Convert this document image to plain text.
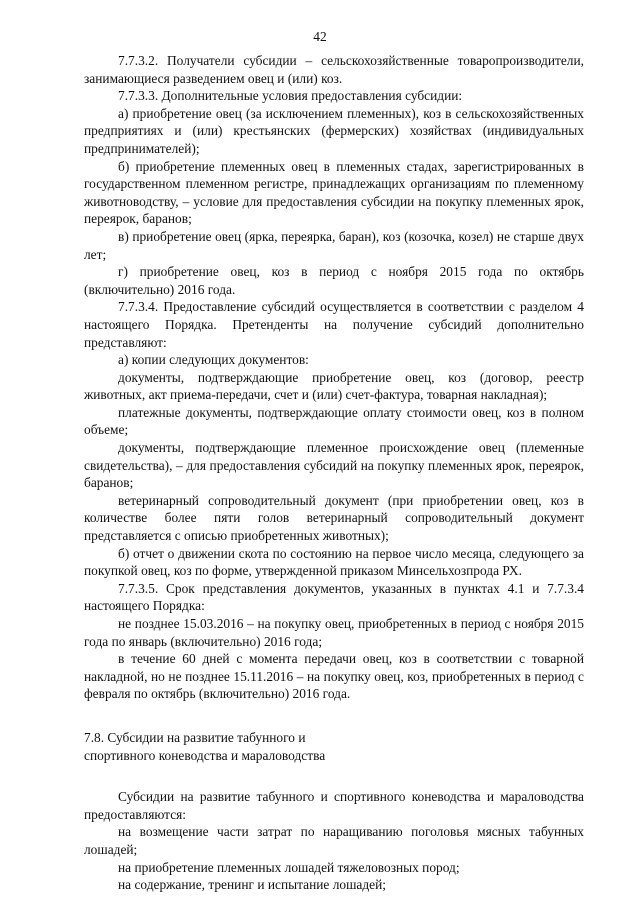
42

7.7.3.2. Получатели субсидии – сельскохозяйственные товаропроизводители, занимающиеся разведением овец и (или) коз.

7.7.3.3. Дополнительные условия предоставления субсидии:

а) приобретение овец (за исключением племенных), коз в сельскохозяйственных предприятиях и (или) крестьянских (фермерских) хозяйствах (индивидуальных предпринимателей);

б) приобретение племенных овец в племенных стадах, зарегистрированных в государственном племенном регистре, принадлежащих организациям по племенному животноводству, – условие для предоставления субсидии на покупку племенных ярок, переярок, баранов;

в) приобретение овец (ярка, переярка, баран), коз (козочка, козел) не старше двух лет;

г) приобретение овец, коз в период с ноября 2015 года по октябрь (включительно) 2016 года.

7.7.3.4. Предоставление субсидий осуществляется в соответствии с разделом 4 настоящего Порядка. Претенденты на получение субсидий дополнительно представляют:

а) копии следующих документов:

документы, подтверждающие приобретение овец, коз (договор, реестр животных, акт приема-передачи, счет и (или) счет-фактура, товарная накладная);

платежные документы, подтверждающие оплату стоимости овец, коз в полном объеме;

документы, подтверждающие племенное происхождение овец (племенные свидетельства), – для предоставления субсидий на покупку племенных ярок, переярок, баранов;

ветеринарный сопроводительный документ (при приобретении овец, коз в количестве более пяти голов ветеринарный сопроводительный документ представляется с описью приобретенных животных);

б) отчет о движении скота по состоянию на первое число месяца, следующего за покупкой овец, коз по форме, утвержденной приказом Минсельхозпрода РХ.

7.7.3.5. Срок представления документов, указанных в пунктах 4.1 и 7.7.3.4 настоящего Порядка:

не позднее 15.03.2016 – на покупку овец, приобретенных в период с ноября 2015 года по январь (включительно) 2016 года;

в течение 60 дней с момента передачи овец, коз в соответствии с товарной накладной, но не позднее 15.11.2016 – на покупку овец, коз, приобретенных в период с февраля по октябрь (включительно) 2016 года.

7.8. Субсидии на развитие табунного и
спортивного коневодства и мараловодства

Субсидии на развитие табунного и спортивного коневодства и мараловодства предоставляются:

на возмещение части затрат по наращиванию поголовья мясных табунных лошадей;

на приобретение племенных лошадей тяжеловозных пород;

на содержание, тренинг и испытание лошадей;
